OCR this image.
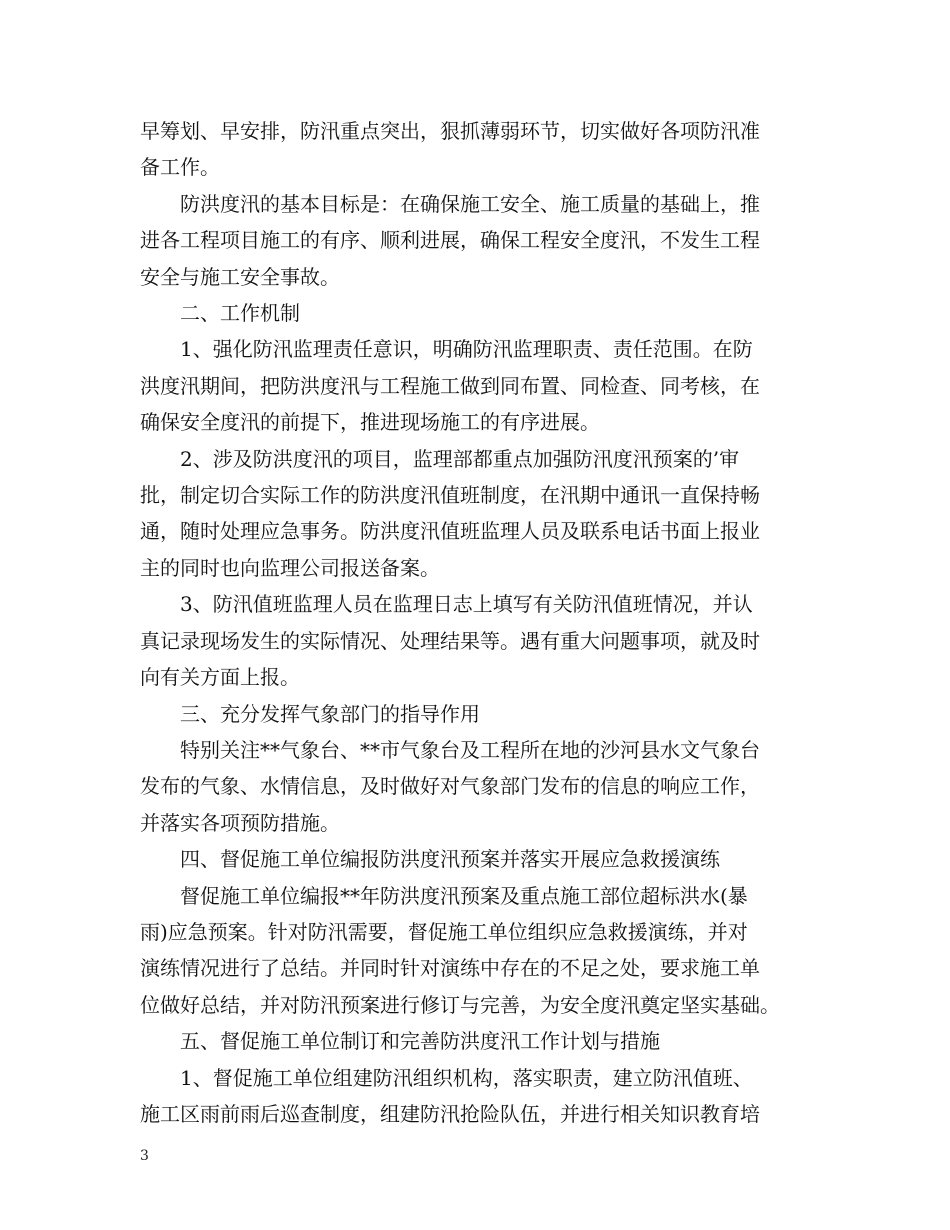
早筹划、早安排，防汛重点突出，狠抓薄弱环节，切实做好各项防汛准
备工作。

　　防洪度汛的基本目标是：在确保施工安全、施工质量的基础上，推
进各工程项目施工的有序、顺利进展，确保工程安全度汛，不发生工程
安全与施工安全事故。

　　二、工作机制

　　1、强化防汛监理责任意识，明确防汛监理职责、责任范围。在防
洪度汛期间，把防洪度汛与工程施工做到同布置、同检查、同考核，在
确保安全度汛的前提下，推进现场施工的有序进展。

　　2、涉及防洪度汛的项目，监理部都重点加强防汛度汛预案的’审
批，制定切合实际工作的防洪度汛值班制度，在汛期中通讯一直保持畅
通，随时处理应急事务。防洪度汛值班监理人员及联系电话书面上报业
主的同时也向监理公司报送备案。

　　3、防汛值班监理人员在监理日志上填写有关防汛值班情况，并认
真记录现场发生的实际情况、处理结果等。遇有重大问题事项，就及时
向有关方面上报。

　　三、充分发挥气象部门的指导作用

　　特别关注**气象台、**市气象台及工程所在地的沙河县水文气象台
发布的气象、水情信息，及时做好对气象部门发布的信息的响应工作，
并落实各项预防措施。

　　四、督促施工单位编报防洪度汛预案并落实开展应急救援演练

　　督促施工单位编报**年防洪度汛预案及重点施工部位超标洪水(暴
雨)应急预案。针对防汛需要，督促施工单位组织应急救援演练，并对
演练情况进行了总结。并同时针对演练中存在的不足之处，要求施工单
位做好总结，并对防汛预案进行修订与完善，为安全度汛奠定坚实基础。

　　五、督促施工单位制订和完善防洪度汛工作计划与措施

　　1、督促施工单位组建防汛组织机构，落实职责，建立防汛值班、
施工区雨前雨后巡查制度，组建防汛抢险队伍，并进行相关知识教育培

3
